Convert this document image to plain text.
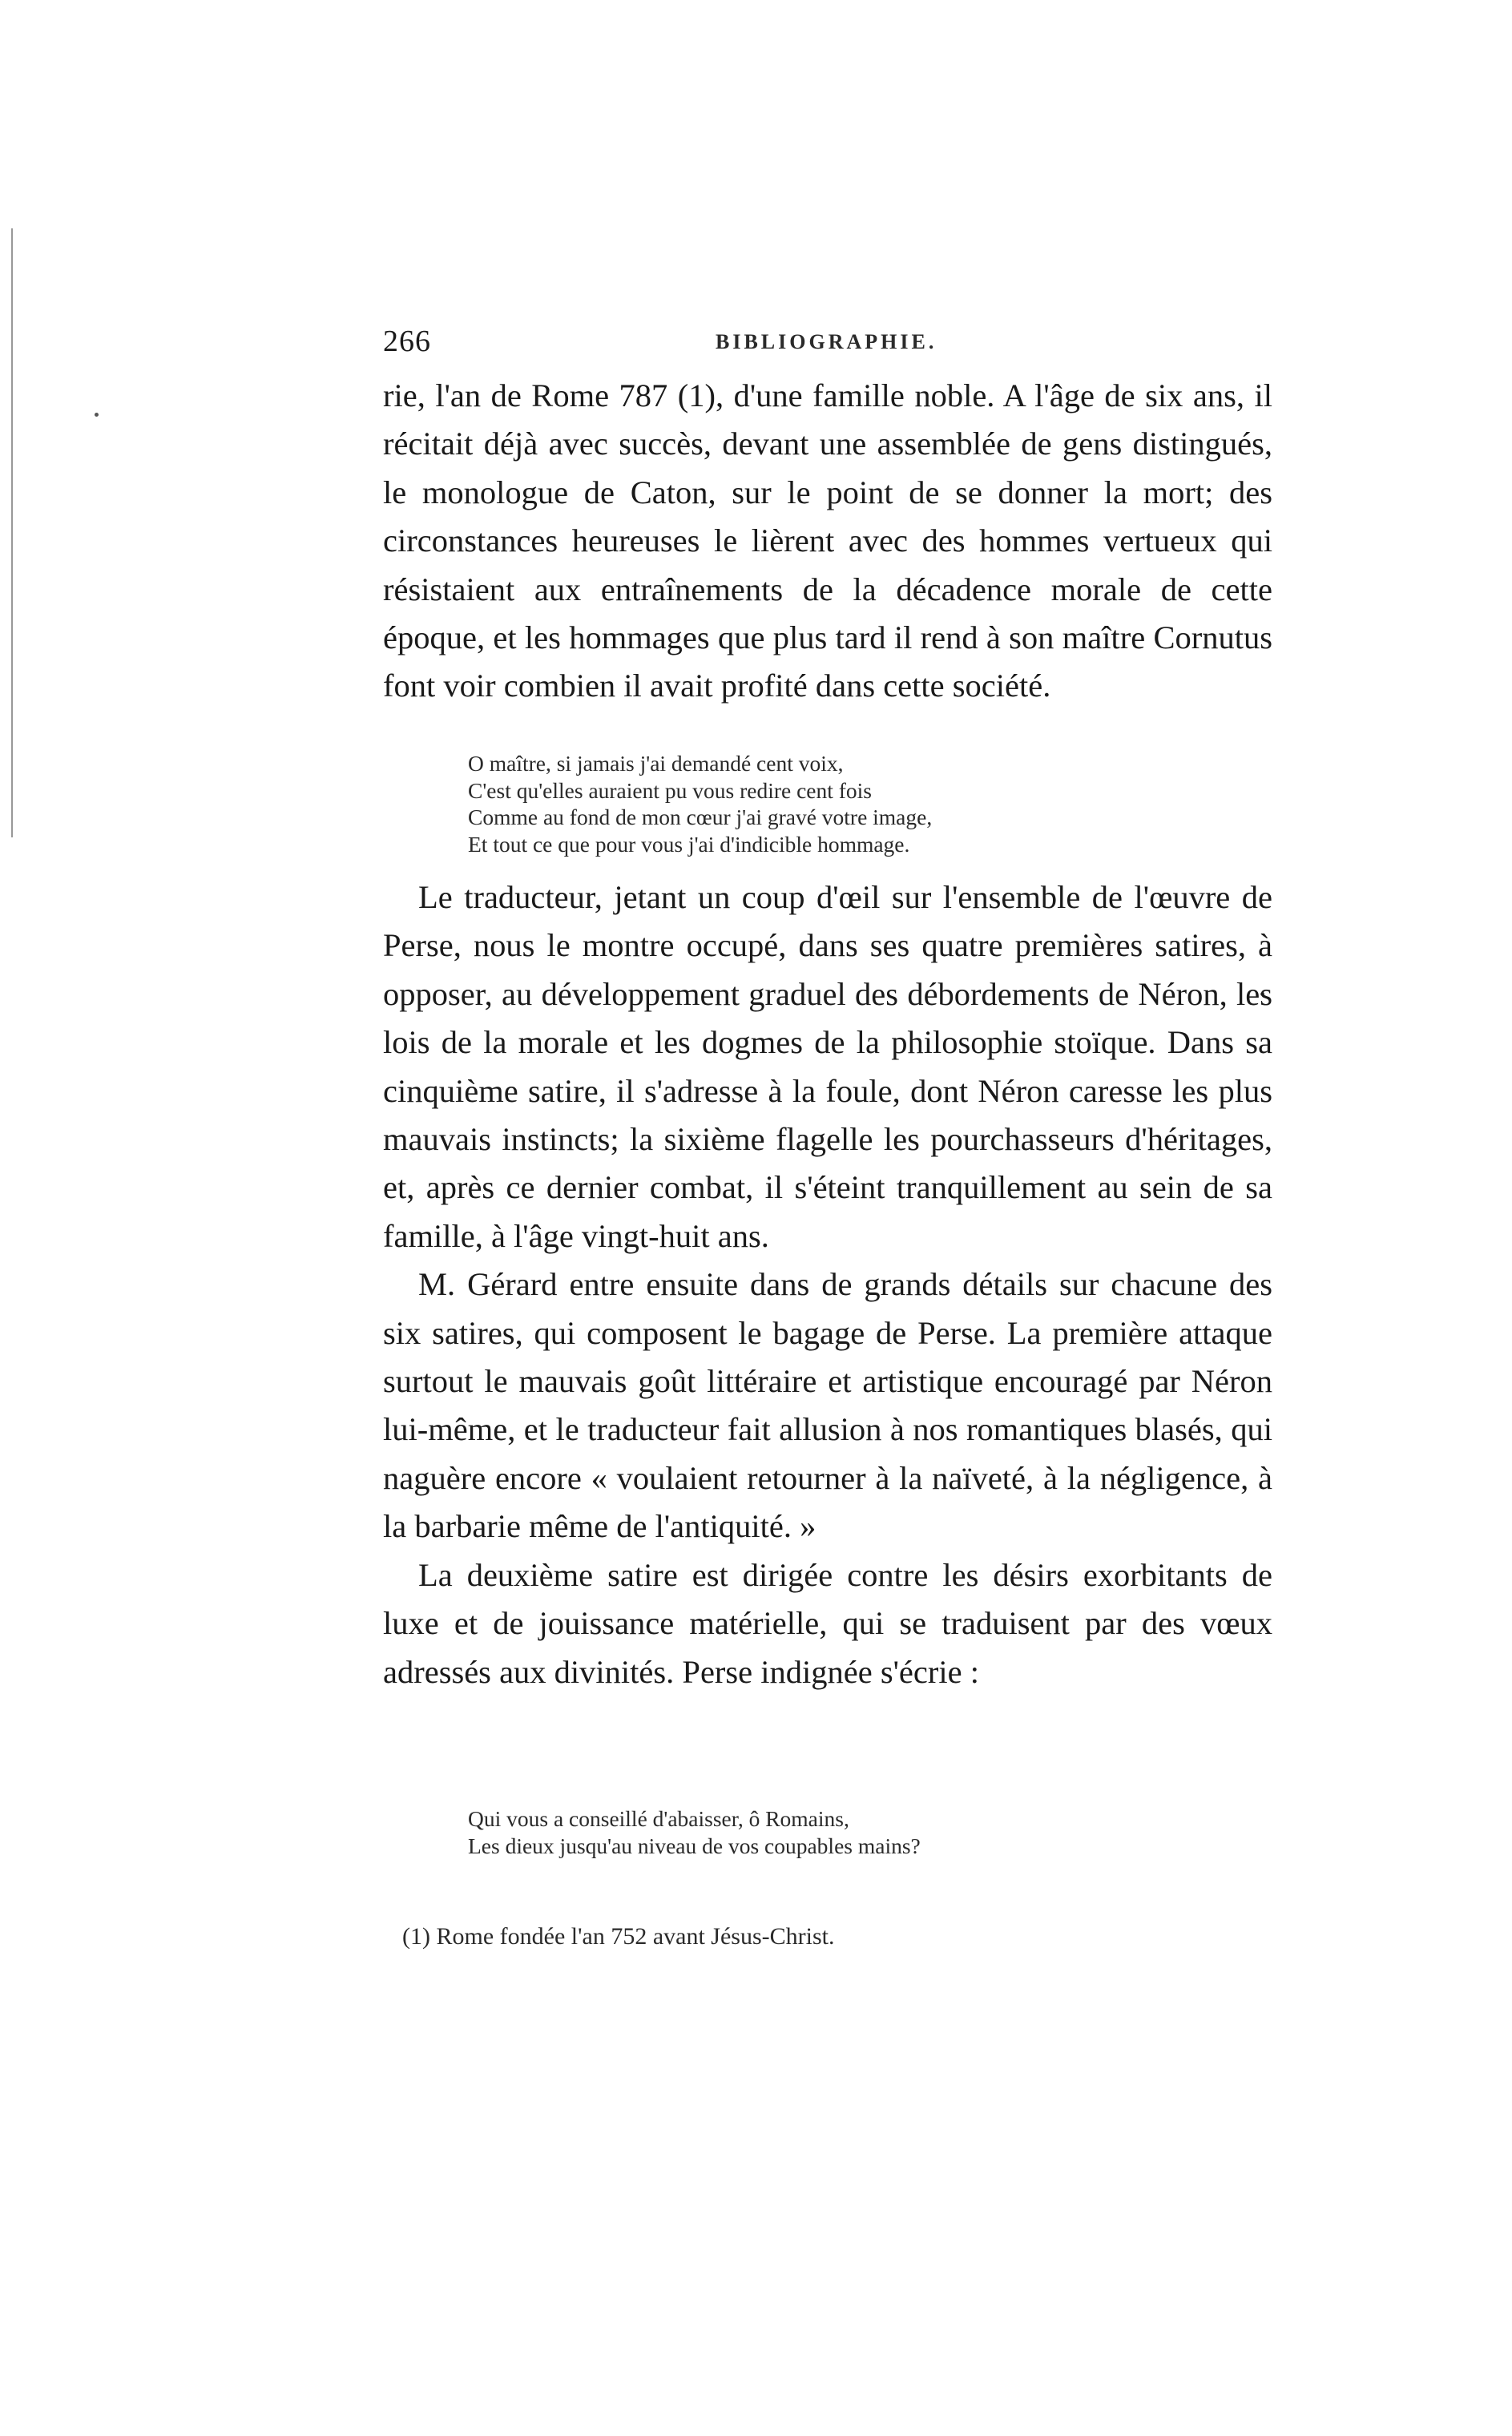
266	BIBLIOGRAPHIE.

rie, l'an de Rome 787 (1), d'une famille noble. A l'âge de six ans, il récitait déjà avec succès, devant une assemblée de gens distingués, le monologue de Caton, sur le point de se donner la mort; des circonstances heureuses le lièrent avec des hommes vertueux qui résistaient aux entraînements de la décadence morale de cette époque, et les hommages que plus tard il rend à son maître Cornutus font voir combien il avait profité dans cette société.

O maître, si jamais j'ai demandé cent voix,
C'est qu'elles auraient pu vous redire cent fois
Comme au fond de mon cœur j'ai gravé votre image,
Et tout ce que pour vous j'ai d'indicible hommage.

Le traducteur, jetant un coup d'œil sur l'ensemble de l'œuvre de Perse, nous le montre occupé, dans ses quatre premières satires, à opposer, au développement graduel des débordements de Néron, les lois de la morale et les dogmes de la philosophie stoïque. Dans sa cinquième satire, il s'adresse à la foule, dont Néron caresse les plus mauvais instincts; la sixième flagelle les pourchasseurs d'héritages, et, après ce dernier combat, il s'éteint tranquillement au sein de sa famille, à l'âge vingt-huit ans.

M. Gérard entre ensuite dans de grands détails sur chacune des six satires, qui composent le bagage de Perse. La première attaque surtout le mauvais goût littéraire et artistique encouragé par Néron lui-même, et le traducteur fait allusion à nos romantiques blasés, qui naguère encore « voulaient retourner à la naïveté, à la négligence, à la barbarie même de l'antiquité. »

La deuxième satire est dirigée contre les désirs exorbitants de luxe et de jouissance matérielle, qui se traduisent par des vœux adressés aux divinités. Perse indignée s'écrie :

Qui vous a conseillé d'abaisser, ô Romains,
Les dieux jusqu'au niveau de vos coupables mains?
(1) Rome fondée l'an 752 avant Jésus-Christ.
